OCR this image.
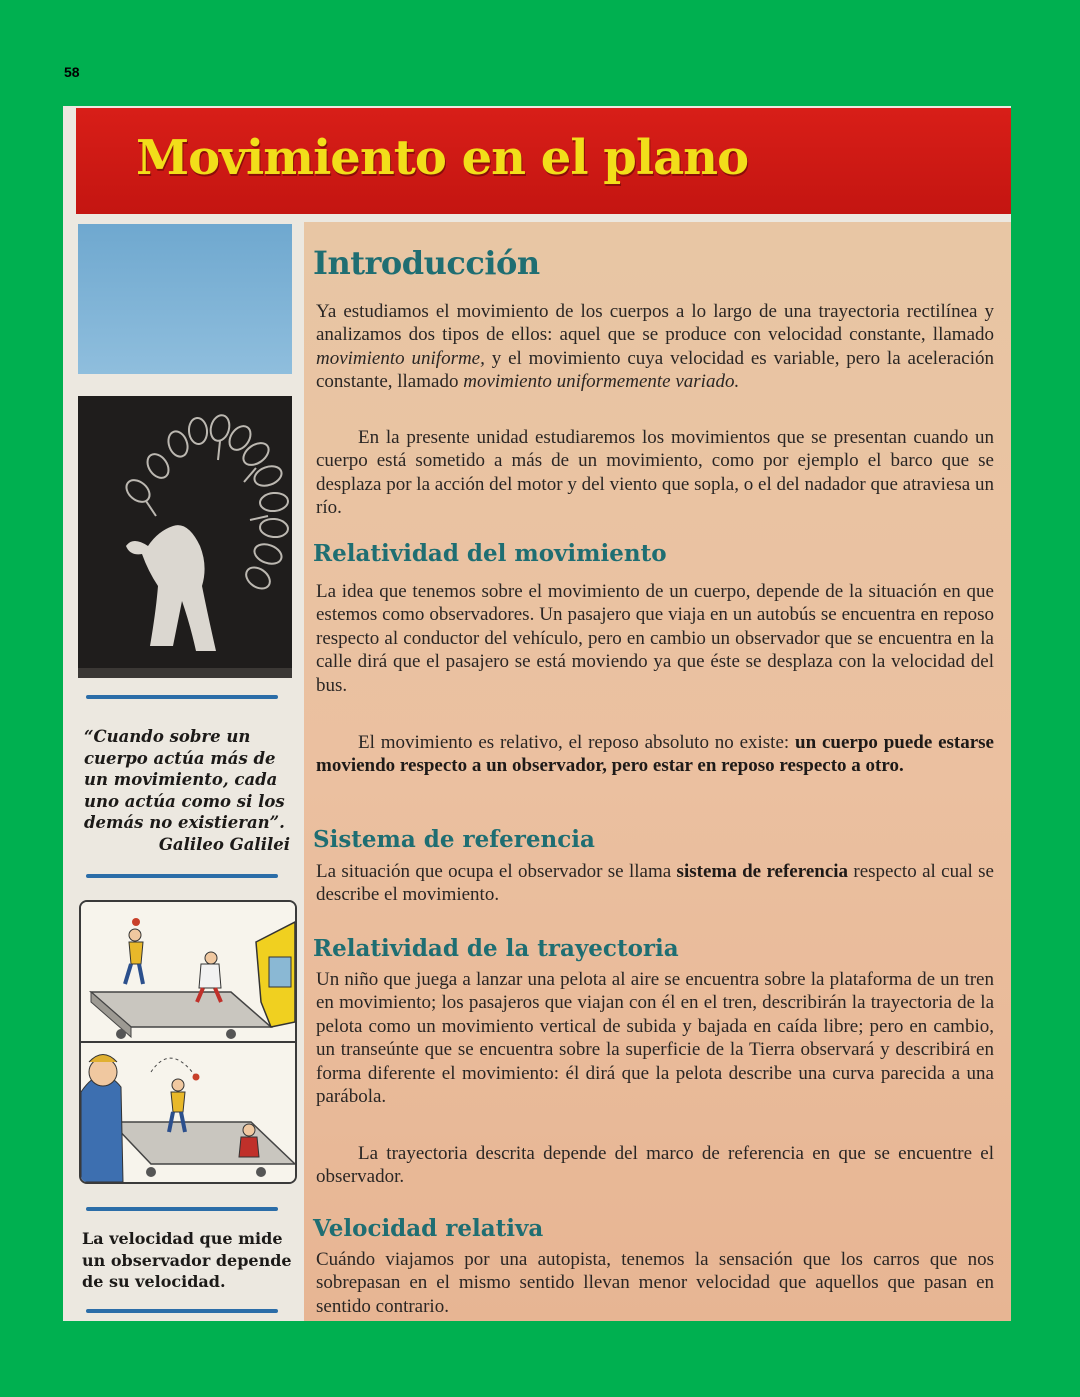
58
Movimiento en el plano
“Cuando sobre un
cuerpo actúa más de
un movimiento, cada
uno actúa como si los
demás no existieran”.
Galileo Galilei
La velocidad que mide un observador depende de su velocidad.
Introducción

Ya estudiamos el movimiento de los cuerpos a lo largo de una trayectoria rectilínea y analizamos dos tipos de ellos: aquel que se produce con velocidad constante, llamado movimiento uniforme, y el movimiento cuya velocidad es variable, pero la aceleración constante, llamado movimiento uniformemente variado.

En la presente unidad estudiaremos los movimientos que se presentan cuando un cuerpo está sometido a más de un movimiento, como por ejemplo el barco que se desplaza por la acción del motor y del viento que sopla, o el del nadador que atraviesa un río.

Relatividad del movimiento

La idea que tenemos sobre el movimiento de un cuerpo, depende de la situación en que estemos como observadores. Un pasajero que viaja en un autobús se encuentra en reposo respecto al conductor del vehículo, pero en cambio un observador que se encuentra en la calle dirá que el pasajero se está moviendo ya que éste se desplaza con la velocidad del bus.

El movimiento es relativo, el reposo absoluto no existe: un cuerpo puede estarse moviendo respecto a un observador, pero estar en reposo respecto a otro.

Sistema de referencia

La situación que ocupa el observador se llama sistema de referencia respecto al cual se describe el movimiento.

Relatividad de la trayectoria

Un niño que juega a lanzar una pelota al aire se encuentra sobre la plataforma de un tren en movimiento; los pasajeros que viajan con él en el tren, describirán la trayectoria de la pelota como un movimiento vertical de subida y bajada en caída libre; pero en cambio, un transeúnte que se encuentra sobre la superficie de la Tierra observará y describirá en forma diferente el movimiento: él dirá que la pelota describe una curva parecida a una parábola.

La trayectoria descrita depende del marco de referencia en que se encuentre el observador.

Velocidad relativa

Cuándo viajamos por una autopista, tenemos la sensación que los carros que nos sobrepasan en el mismo sentido llevan menor velocidad que aquellos que pasan en sentido contrario.
